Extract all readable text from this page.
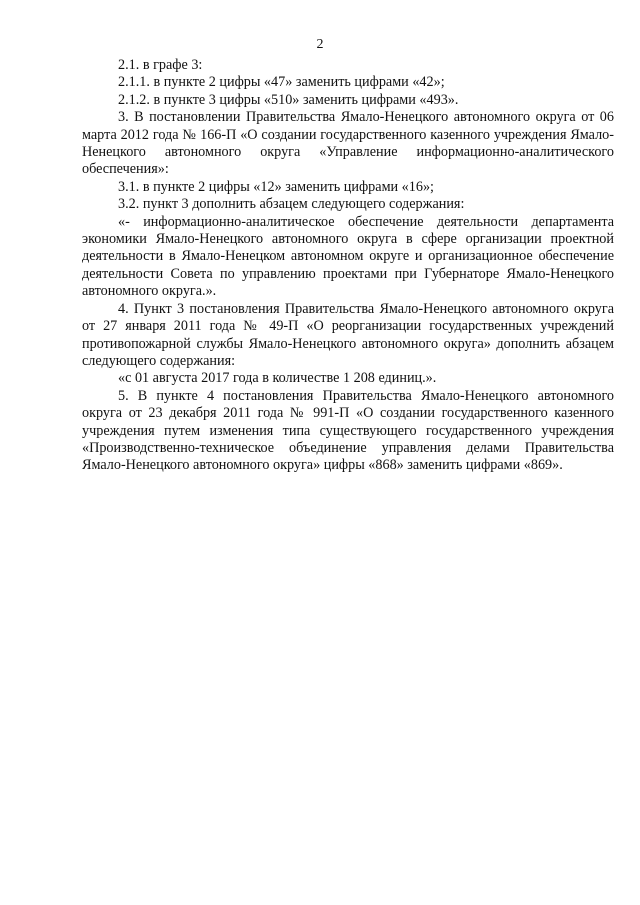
2

2.1. в графе 3:

2.1.1. в пункте 2 цифры «47» заменить цифрами «42»;

2.1.2. в пункте 3 цифры «510» заменить цифрами «493».

3. В постановлении Правительства Ямало-Ненецкого автономного округа от 06 марта 2012 года № 166-П «О создании государственного казенного учреждения Ямало-Ненецкого автономного округа «Управление информационно-аналитического обеспечения»:

3.1. в пункте 2 цифры «12» заменить цифрами «16»;

3.2. пункт 3 дополнить абзацем следующего содержания:

«- информационно-аналитическое обеспечение деятельности департамента экономики Ямало-Ненецкого автономного округа в сфере организации проектной деятельности в Ямало-Ненецком автономном округе и организационное обеспечение деятельности Совета по управлению проектами при Губернаторе Ямало-Ненецкого автономного округа.».

4. Пункт 3 постановления Правительства Ямало-Ненецкого автономного округа от 27 января 2011 года № 49-П «О реорганизации государственных учреждений противопожарной службы Ямало-Ненецкого автономного округа» дополнить абзацем следующего содержания:

«с 01 августа 2017 года в количестве 1 208 единиц.».

5. В пункте 4 постановления Правительства Ямало-Ненецкого автономного округа от 23 декабря 2011 года № 991-П «О создании государственного казенного учреждения путем изменения типа существующего государственного учреждения «Производственно-техническое объединение управления делами Правительства Ямало-Ненецкого автономного округа» цифры «868» заменить цифрами «869».
